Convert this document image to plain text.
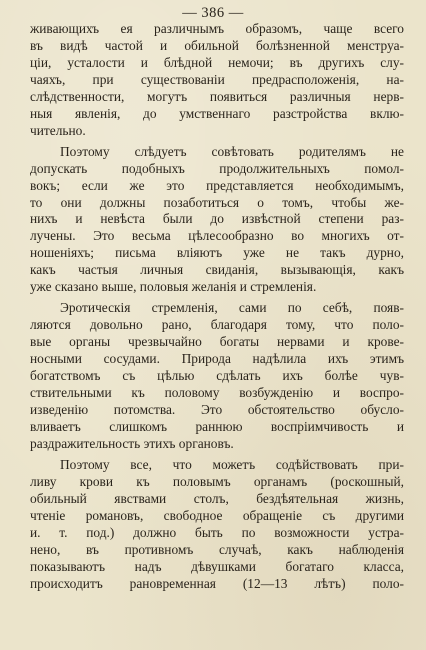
— 386 —
живающихъ ея различнымъ образомъ, чаще всего
въ видѣ частой и обильной болѣзненной менструа-
ціи, усталости и блѣдной немочи; въ другихъ слу-
чаяхъ, при существованіи предрасположенія, на-
слѣдственности, могутъ появиться различныя нерв-
ныя явленія, до умственнаго разстройства вклю-
чительно.
Поэтому слѣдуетъ совѣтовать родителямъ не
допускать подобныхъ продолжительныхъ помол-
вокъ; если же это представляется необходимымъ,
то они должны позаботиться о томъ, чтобы же-
нихъ и невѣста были до извѣстной степени раз-
лучены. Это весьма цѣлесообразно во многихъ от-
ношеніяхъ; письма вліяютъ уже не такъ дурно,
какъ частыя личныя свиданія, вызывающія, какъ
уже сказано выше, половыя желанія и стремленія.
Эротическія стремленія, сами по себѣ, появ-
ляются довольно рано, благодаря тому, что поло-
вые органы чрезвычайно богаты нервами и крове-
носными сосудами. Природа надѣлила ихъ этимъ
богатствомъ съ цѣлью сдѣлать ихъ болѣе чув-
ствительными къ половому возбужденію и воспро-
изведенію потомства. Это обстоятельство обусло-
вливаетъ слишкомъ раннюю воспріимчивость и
раздражительность этихъ органовъ.
Поэтому все, что можетъ содѣйствовать при-
ливу крови къ половымъ органамъ (роскошный,
обильный явствами столъ, бездѣятельная жизнь,
чтеніе романовъ, свободное обращеніе съ другими
и. т. под.) должно быть по возможности устра-
нено, въ противномъ случаѣ, какъ наблюденія
показываютъ надъ дѣвушками богатаго класса,
происходитъ рановременная (12—13 лѣтъ) поло-
